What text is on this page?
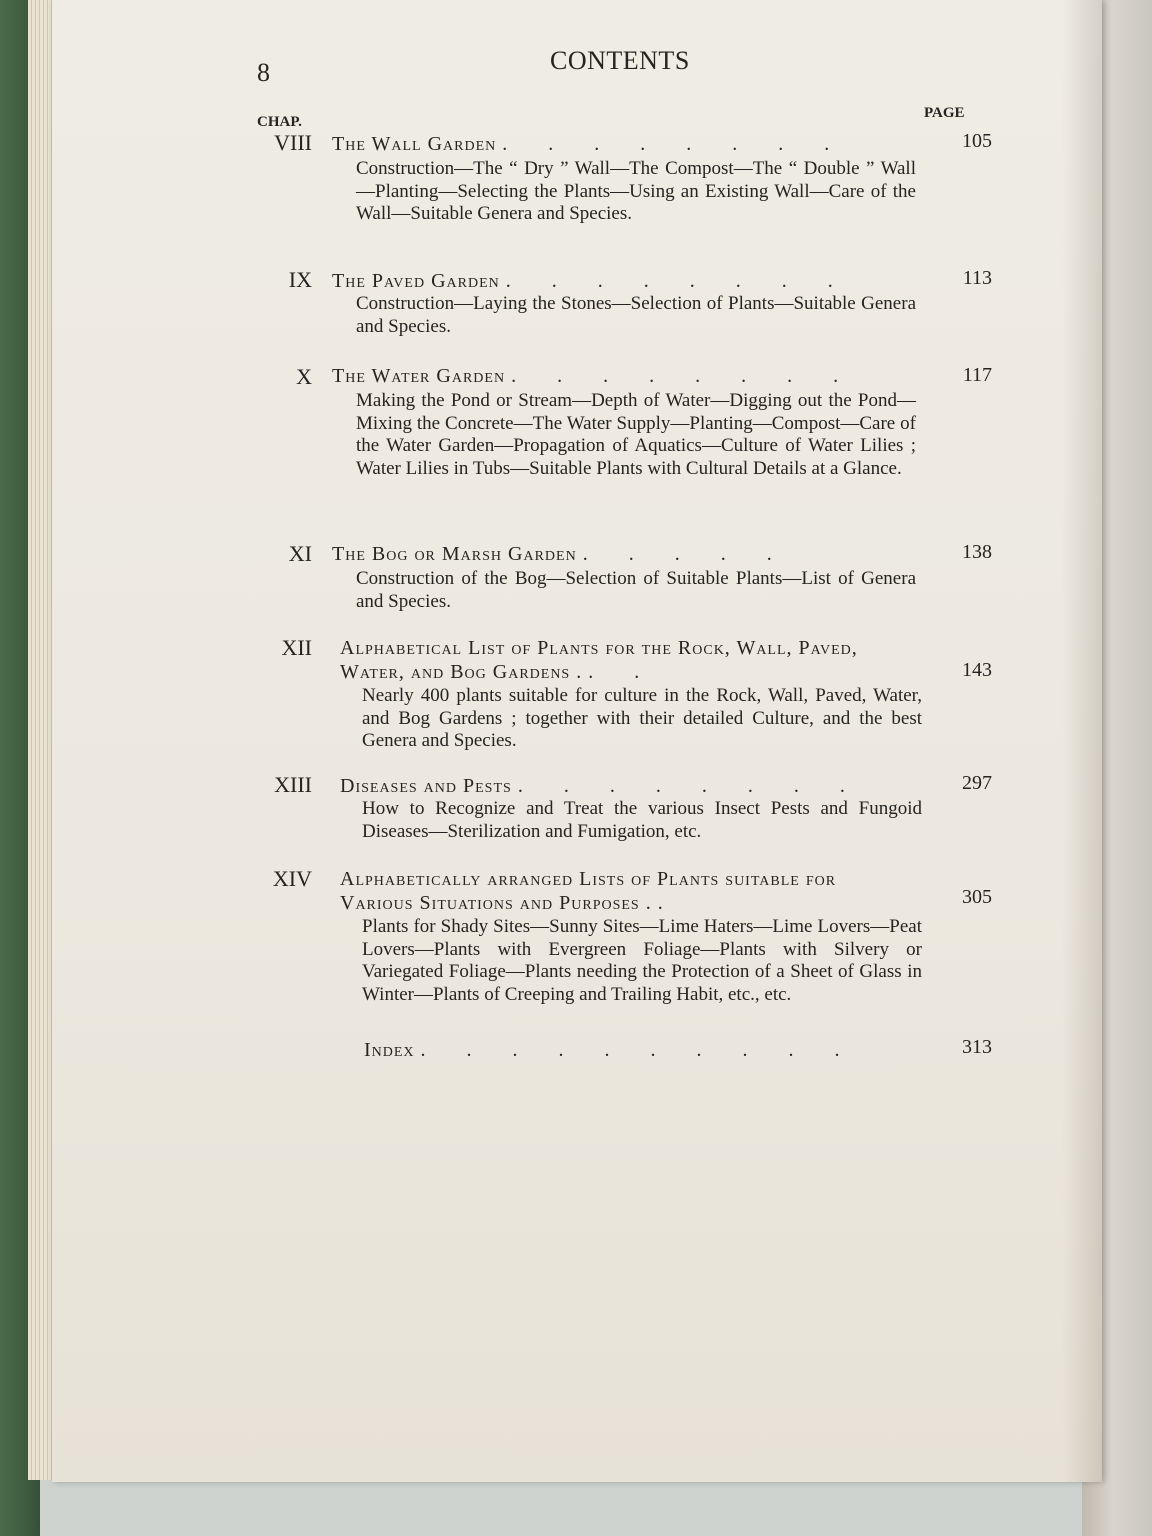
8	CONTENTS
CHAP.
PAGE
VIII The Wall Garden . . . . . . . .	105
Construction—The “ Dry ” Wall—The Compost—The “ Double ” Wall—Planting—Selecting the Plants—Using an Existing Wall—Care of the Wall—Suitable Genera and Species.
IX The Paved Garden . . . . . . . .	113
Construction—Laying the Stones—Selection of Plants—Suitable Genera and Species.
X The Water Garden . . . . . . . .	117
Making the Pond or Stream—Depth of Water—Digging out the Pond—Mixing the Concrete—The Water Supply—Planting—Compost—Care of the Water Garden—Propagation of Aquatics—Culture of Water Lilies ; Water Lilies in Tubs—Suitable Plants with Cultural Details at a Glance.
XI The Bog or Marsh Garden . . . . .	138
Construction of the Bog—Selection of Suitable Plants—List of Genera and Species.
XII Alphabetical List of Plants for the Rock, Wall, Paved, Water, and Bog Gardens . . .	143
Nearly 400 plants suitable for culture in the Rock, Wall, Paved, Water, and Bog Gardens ; together with their detailed Culture, and the best Genera and Species.
XIII Diseases and Pests . . . . . . . .	297
How to Recognize and Treat the various Insect Pests and Fungoid Diseases—Sterilization and Fumigation, etc.
XIV Alphabetically arranged Lists of Plants suitable for Various Situations and Purposes . .	305
Plants for Shady Sites—Sunny Sites—Lime Haters—Lime Lovers—Peat Lovers—Plants with Evergreen Foliage—Plants with Silvery or Variegated Foliage—Plants needing the Protection of a Sheet of Glass in Winter—Plants of Creeping and Trailing Habit, etc., etc.
Index . . . . . . . . . .	313
